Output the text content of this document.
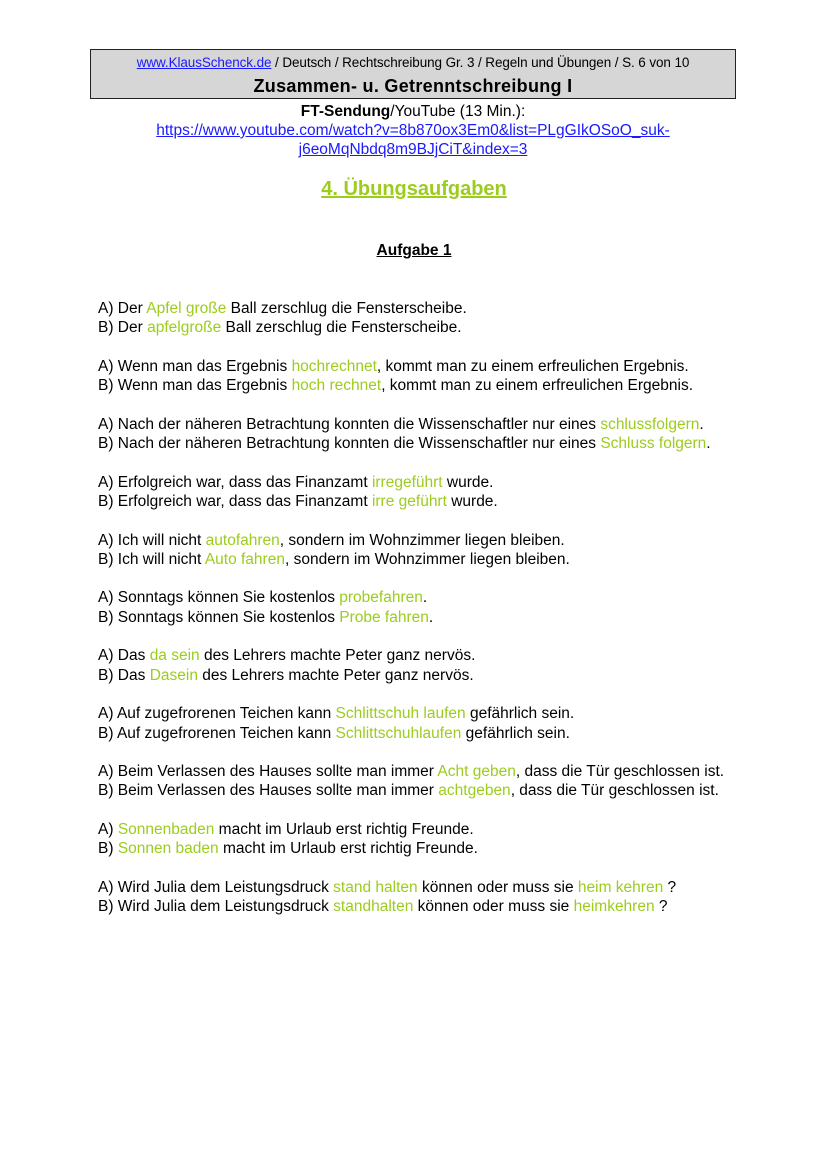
www.KlausSchenck.de / Deutsch / Rechtschreibung Gr. 3 / Regeln und Übungen / S. 6 von 10
Zusammen- u. Getrenntschreibung I
FT-Sendung/YouTube (13 Min.):
https://www.youtube.com/watch?v=8b870ox3Em0&list=PLgGIkOSoO_suk-
j6eoMqNbdq8m9BJjCiT&index=3
4. Übungsaufgaben
Aufgabe 1
A) Der Apfel große Ball zerschlug die Fensterscheibe.
B) Der apfelgroße Ball zerschlug die Fensterscheibe.
A) Wenn man das Ergebnis hochrechnet, kommt man zu einem erfreulichen Ergebnis.
B) Wenn man das Ergebnis hoch rechnet, kommt man zu einem erfreulichen Ergebnis.
A) Nach der näheren Betrachtung konnten die Wissenschaftler nur eines schlussfolgern.
B) Nach der näheren Betrachtung konnten die Wissenschaftler nur eines Schluss folgern.
A) Erfolgreich war, dass das Finanzamt irregeführt wurde.
B) Erfolgreich war, dass das Finanzamt irre geführt wurde.
A) Ich will nicht autofahren, sondern im Wohnzimmer liegen bleiben.
B) Ich will nicht Auto fahren, sondern im Wohnzimmer liegen bleiben.
A) Sonntags können Sie kostenlos probefahren.
B) Sonntags können Sie kostenlos Probe fahren.
A) Das da sein des Lehrers machte Peter ganz nervös.
B) Das Dasein des Lehrers machte Peter ganz nervös.
A) Auf zugefrorenen Teichen kann Schlittschuh laufen gefährlich sein.
B) Auf zugefrorenen Teichen kann Schlittschuhlaufen gefährlich sein.
A) Beim Verlassen des Hauses sollte man immer Acht geben, dass die Tür geschlossen ist.
B) Beim Verlassen des Hauses sollte man immer achtgeben, dass die Tür geschlossen ist.
A) Sonnenbaden macht im Urlaub erst richtig Freunde.
B) Sonnen baden macht im Urlaub erst richtig Freunde.
A) Wird Julia dem Leistungsdruck stand halten können oder muss sie heim kehren ?
B) Wird Julia dem Leistungsdruck standhalten können oder muss sie heimkehren ?
